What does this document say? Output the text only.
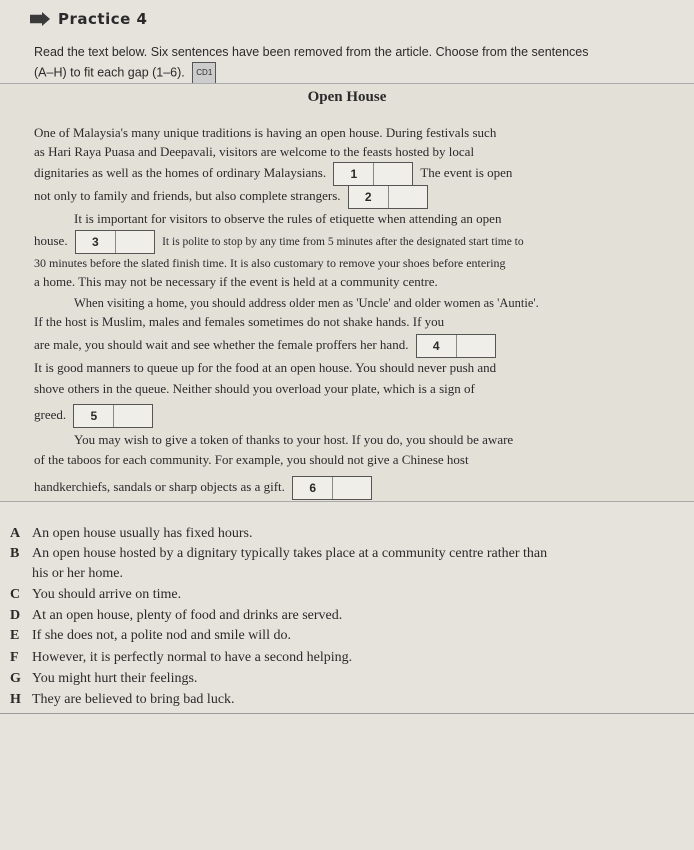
Practice 4
Read the text below. Six sentences have been removed from the article. Choose from the sentences
(A–H) to fit each gap (1–6). CD1
Open House
One of Malaysia's many unique traditions is having an open house. During festivals such
as Hari Raya Puasa and Deepavali, visitors are welcome to the feasts hosted by local
dignitaries as well as the homes of ordinary Malaysians.	1	The event is open
not only to family and friends, but also complete strangers.	2
It is important for visitors to observe the rules of etiquette when attending an open
house.	3	It is polite to stop by any time from 5 minutes after the designated start time to
30 minutes before the slated finish time. It is also customary to remove your shoes before entering
a home. This may not be necessary if the event is held at a community centre.
When visiting a home, you should address older men as 'Uncle' and older women as 'Auntie'.
If the host is Muslim, males and females sometimes do not shake hands. If you
are male, you should wait and see whether the female proffers her hand.	4
It is good manners to queue up for the food at an open house. You should never push and
shove others in the queue. Neither should you overload your plate, which is a sign of
greed.	5
You may wish to give a token of thanks to your host. If you do, you should be aware
of the taboos for each community. For example, you should not give a Chinese host
handkerchiefs, sandals or sharp objects as a gift.	6
A An open house usually has fixed hours.
B An open house hosted by a dignitary typically takes place at a community centre rather than
his or her home.
C You should arrive on time.
D At an open house, plenty of food and drinks are served.
E If she does not, a polite nod and smile will do.
F However, it is perfectly normal to have a second helping.
G You might hurt their feelings.
H They are believed to bring bad luck.
